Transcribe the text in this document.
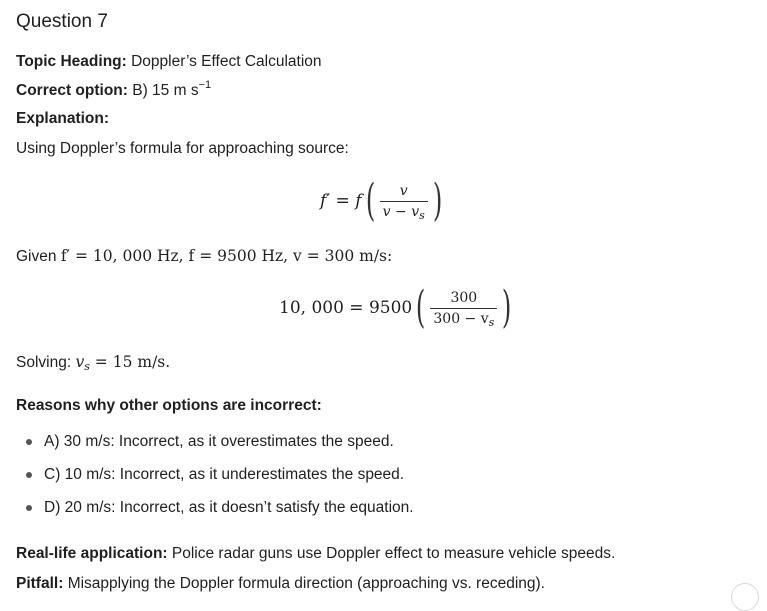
Question 7
Topic Heading: Doppler’s Effect Calculation
Correct option: B) 15 m $s^{-1}$
Explanation:
Using Doppler’s formula for approaching source:
f′ = f ( $\frac{v}{v - v_s}$ )
Given f′ = 10, 000 Hz, f = 9500 Hz, v = 300 m/s:
10, 000 = 9500 ( $\frac{300}{300 - v_s}$ )
Solving: $v_s = 15$ m/s.
Reasons why other options are incorrect:
A) 30 m/s: Incorrect, as it overestimates the speed.
C) 10 m/s: Incorrect, as it underestimates the speed.
D) 20 m/s: Incorrect, as it doesn’t satisfy the equation.
Real-life application: Police radar guns use Doppler effect to measure vehicle speeds.
Pitfall: Misapplying the Doppler formula direction (approaching vs. receding).
